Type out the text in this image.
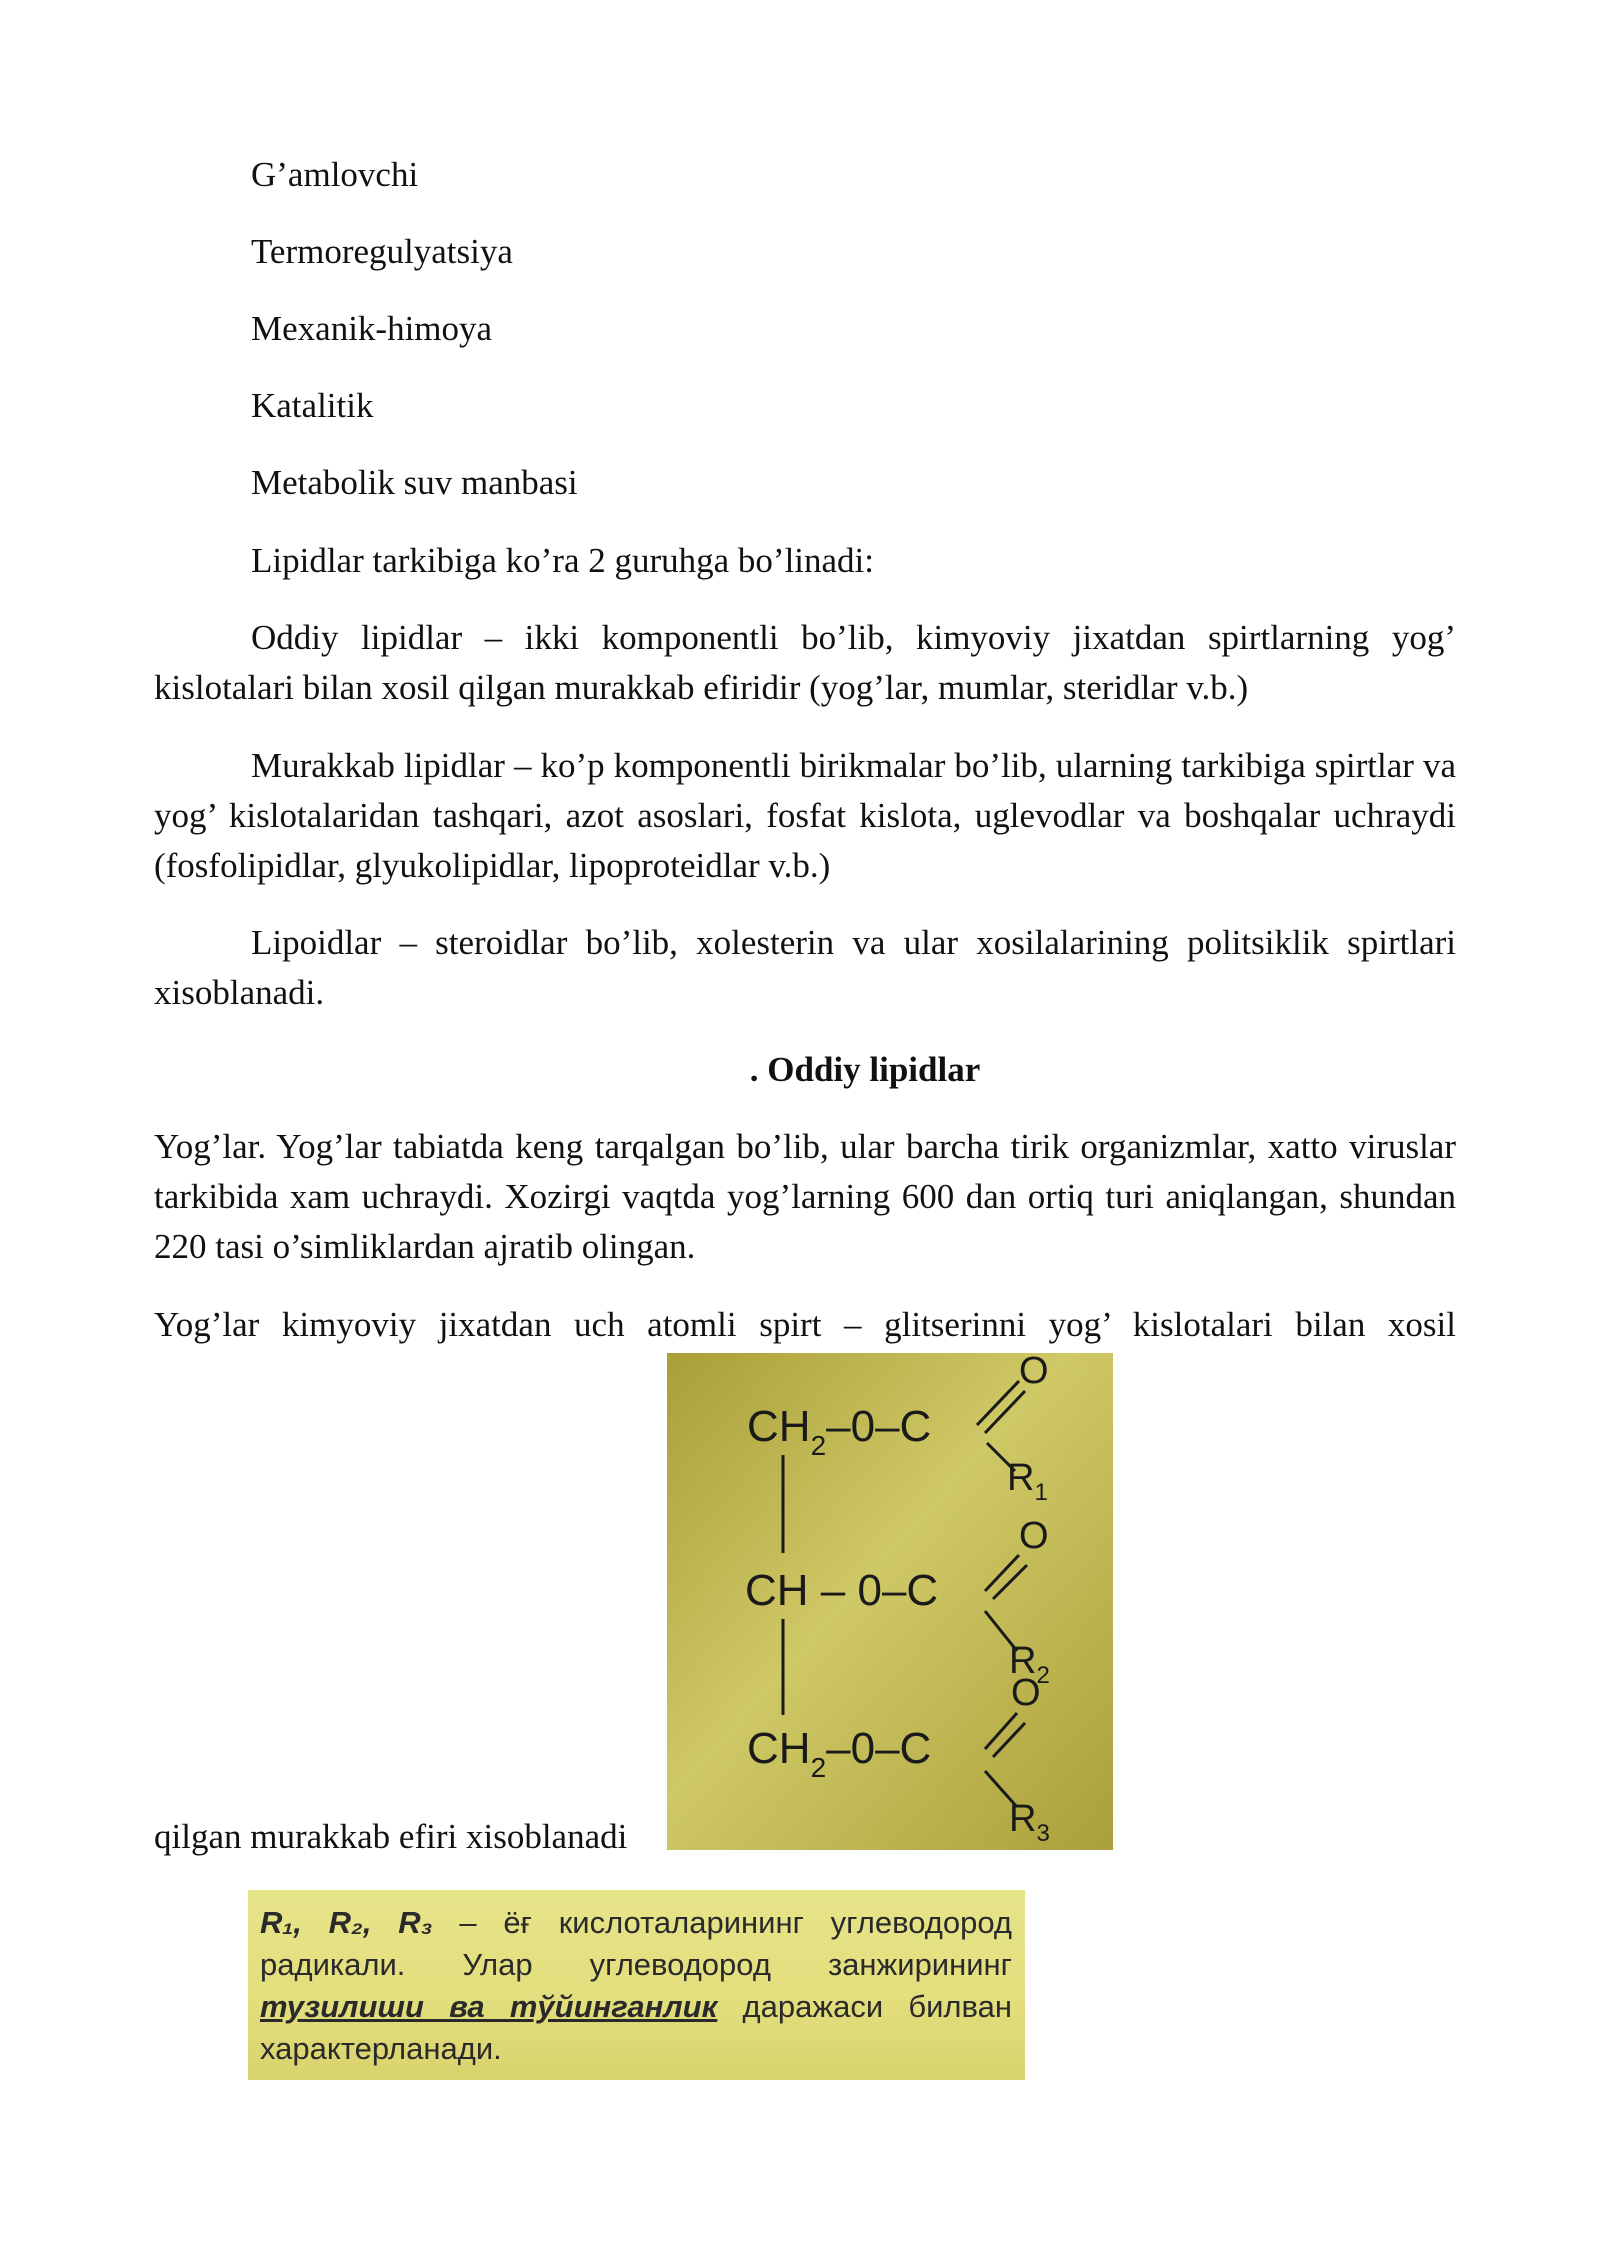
G’amlovchi
Termoregulyatsiya
Mexanik-himoya
Katalitik
Metabolik suv manbasi
Lipidlar tarkibiga ko’ra 2 guruhga bo’linadi:

Oddiy lipidlar – ikki komponentli bo’lib, kimyoviy jixatdan spirtlarning yog’ kislotalari bilan xosil qilgan murakkab efiridir (yog’lar, mumlar, steridlar v.b.)

Murakkab lipidlar – ko’p komponentli birikmalar bo’lib, ularning tarkibiga spirtlar va yog’ kislotalaridan tashqari, azot asoslari, fosfat kislota, uglevodlar va boshqalar uchraydi (fosfolipidlar, glyukolipidlar, lipoproteidlar v.b.)

Lipoidlar – steroidlar bo’lib, xolesterin va ular xosilalarining politsiklik spirtlari xisoblanadi.

. Oddiy lipidlar

Yog’lar. Yog’lar tabiatda keng tarqalgan bo’lib, ular barcha tirik organizmlar, xatto viruslar tarkibida xam uchraydi. Xozirgi vaqtda yog’larning 600 dan ortiq turi aniqlangan, shundan 220 tasi o’simliklardan ajratib olingan.

Yog’lar kimyoviy jixatdan uch atomli spirt – glitserinni yog’ kislotalari bilan xosil
qilgan murakkab efiri xisoblanadi
$CH_2-0-C$
O
$R_1$
CH – 0–C
O
$R_2$
$CH_2-0-C$
O
$R_3$
R₁, R₂, R₃ – ёғ кислоталарининг углеводород радикали. Улар углеводород занжирининг тузилиши ва тўйинганлик даражаси билван характерланади.
